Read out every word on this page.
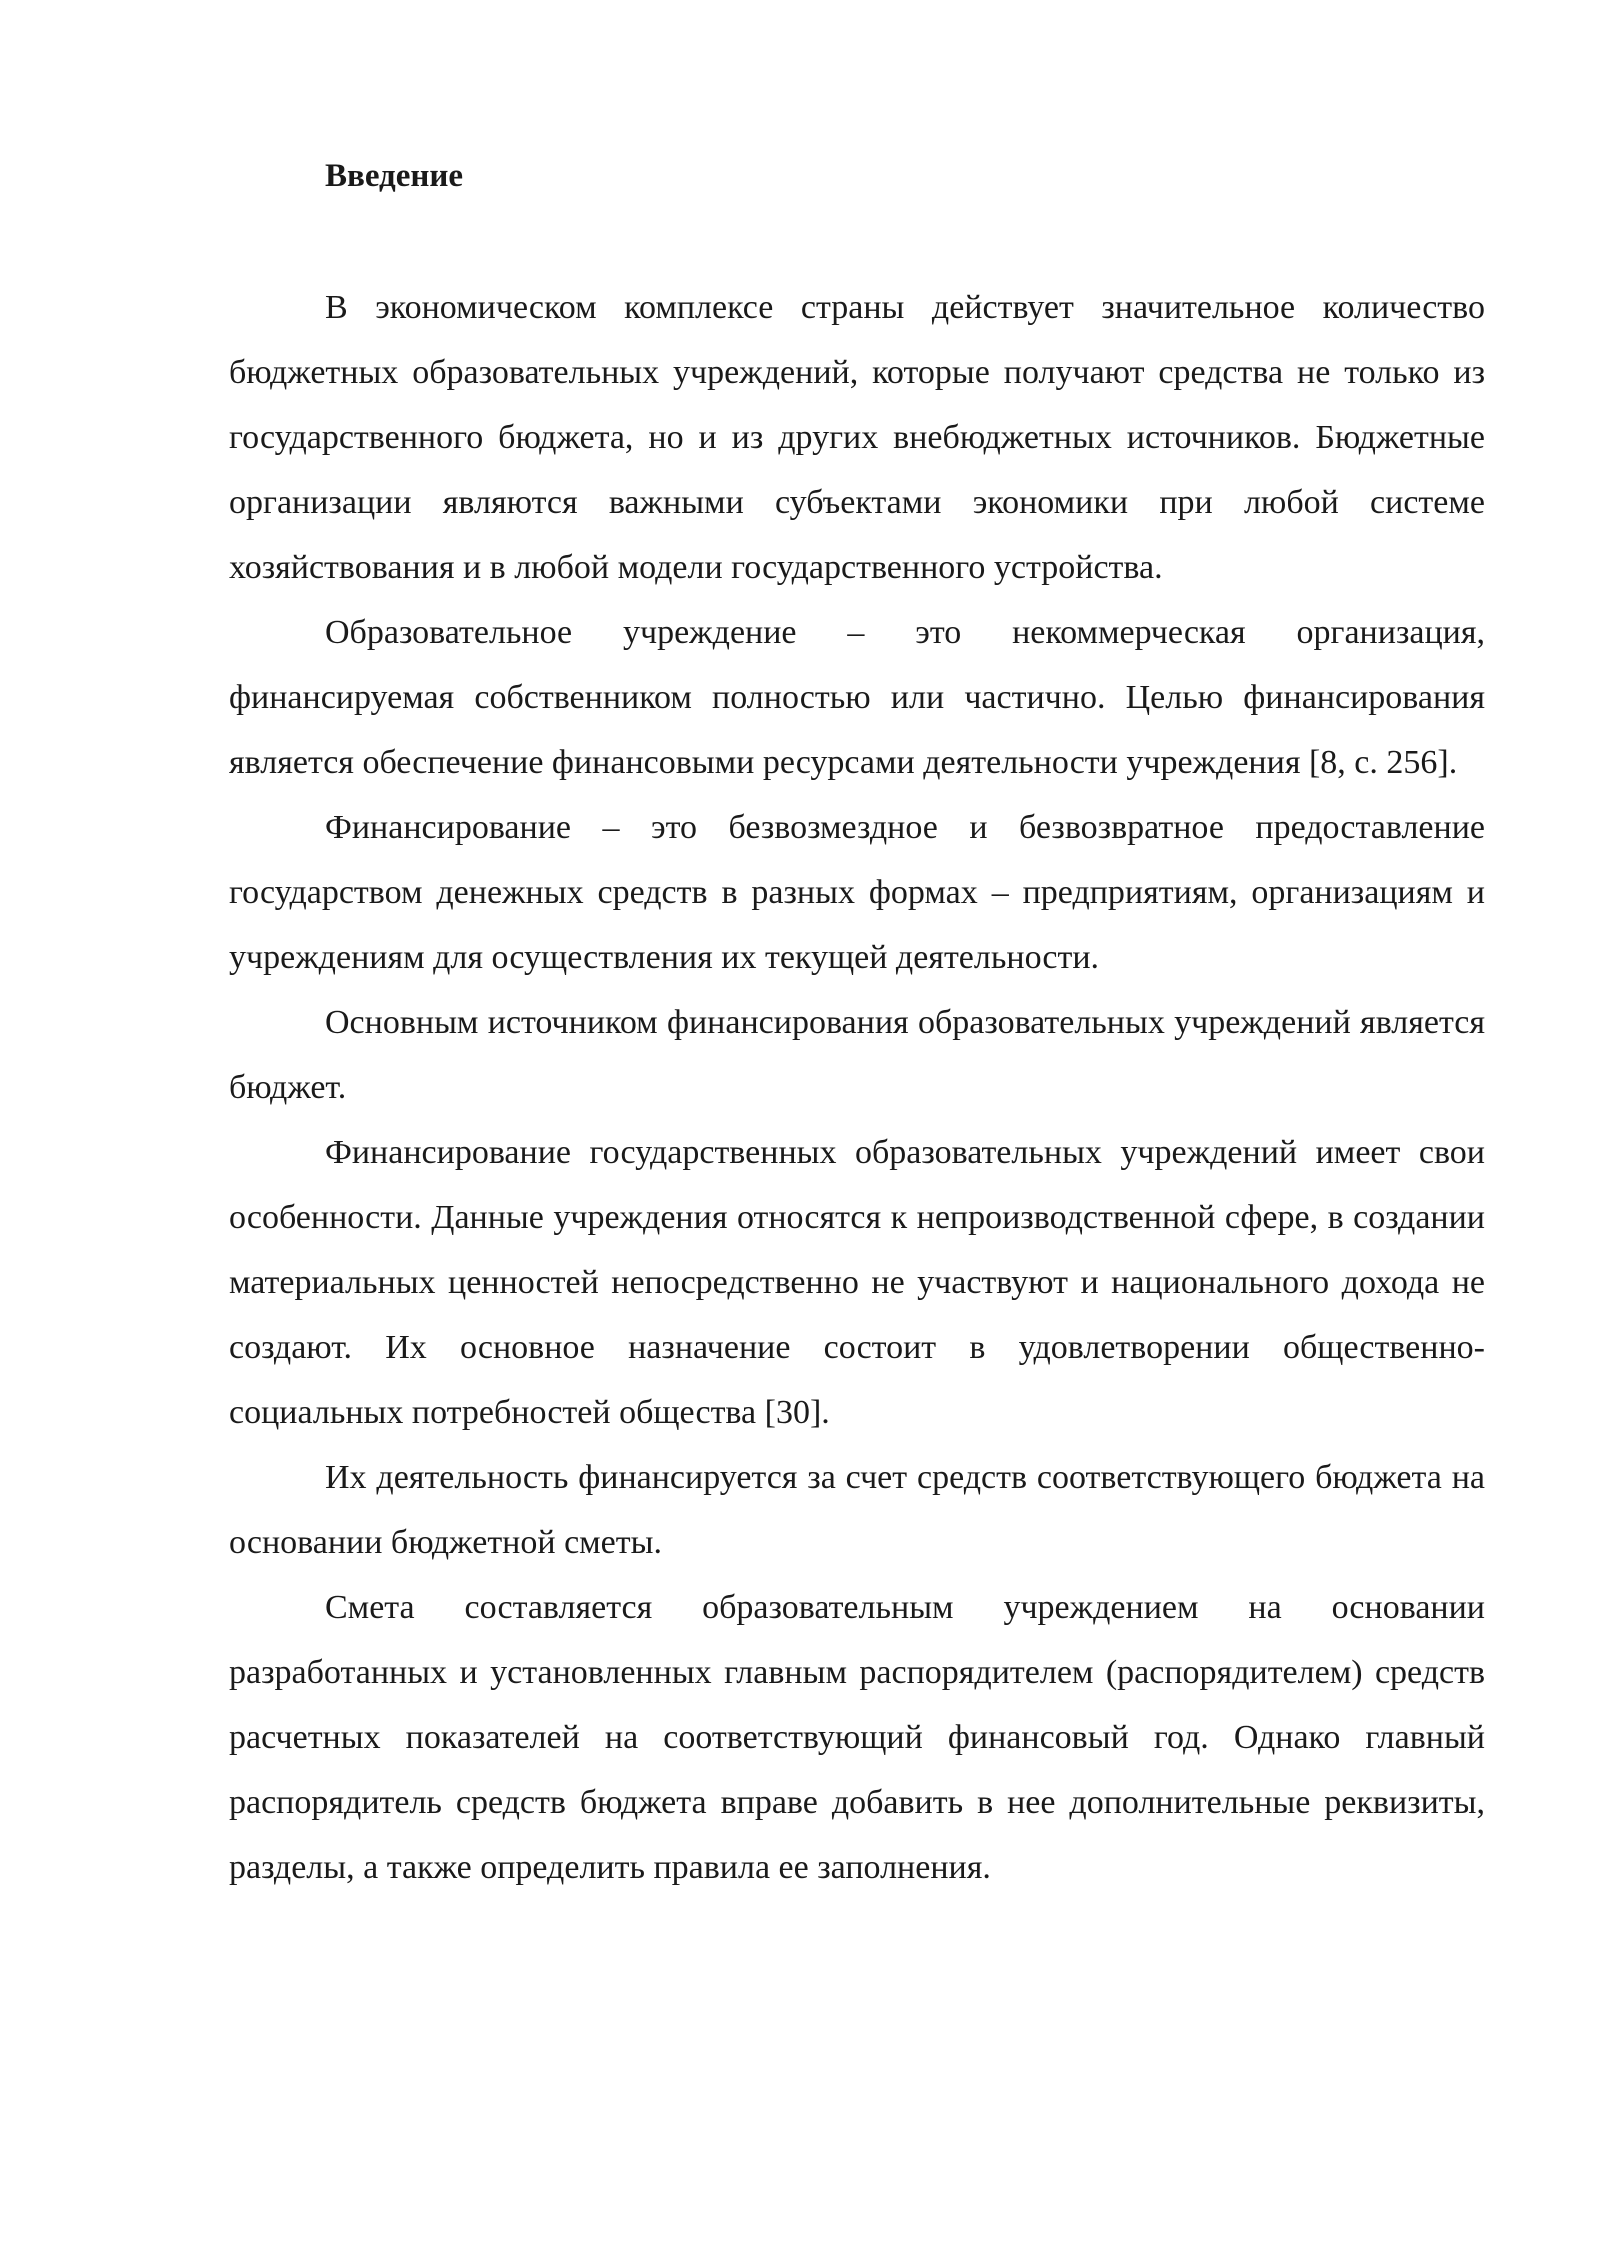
Введение

В экономическом комплексе страны действует значительное количество бюджетных образовательных учреждений, которые получают средства не только из государственного бюджета, но и из других внебюджетных источников. Бюджетные организации являются важными субъектами экономики при любой системе хозяйствования и в любой модели государственного устройства.

Образовательное учреждение – это некоммерческая организация, финансируемая собственником полностью или частично. Целью финансирования является обеспечение финансовыми ресурсами деятельности учреждения [8, с. 256].

Финансирование – это безвозмездное и безвозвратное предоставление государством денежных средств в разных формах – предприятиям, организациям и учреждениям для осуществления их текущей деятельности.

Основным источником финансирования образовательных учреждений является бюджет.

Финансирование государственных образовательных учреждений имеет свои особенности. Данные учреждения относятся к непроизводственной сфере, в создании материальных ценностей непосредственно не участвуют и национального дохода не создают. Их основное назначение состоит в удовлетворении общественно-социальных потребностей общества [30].

Их деятельность финансируется за счет средств соответствующего бюджета на основании бюджетной сметы.

Смета составляется образовательным учреждением на основании разработанных и установленных главным распорядителем (распорядителем) средств расчетных показателей на соответствующий финансовый год. Однако главный распорядитель средств бюджета вправе добавить в нее дополнительные реквизиты, разделы, а также определить правила ее заполнения.
